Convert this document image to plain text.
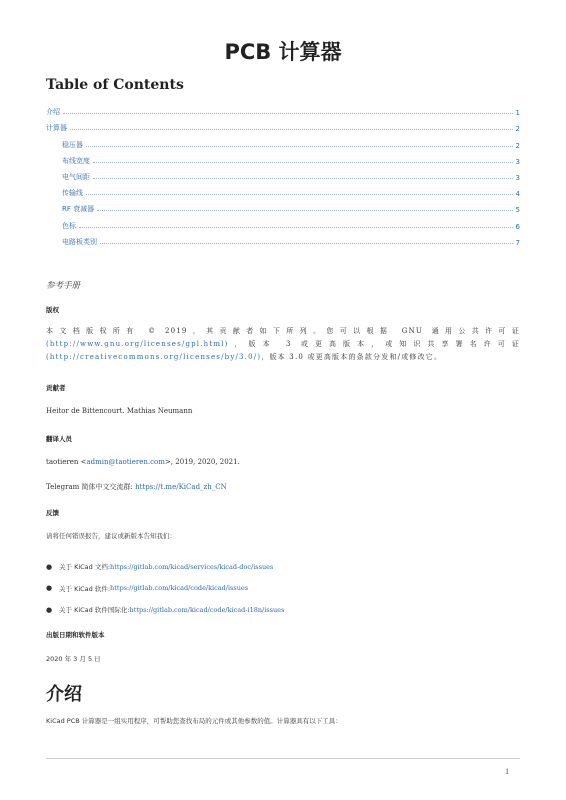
PCB 计算器
Table of Contents
介绍	1
计算器	2
稳压器	2
布线宽度	3
电气间距	3
传输线	4
RF 衰减器	5
色标	6
电路板类别	7
参考手册
版权
本文档版权所有 © 2019，其贡献者如下所列。您可以根据 GNU 通用公共许可证 (http://www.gnu.org/licenses/gpl.html)，版本 3 或更高版本，或知识共享署名许可证 (http://creativecommons.org/licenses/by/3.0/)，版本 3.0 或更高版本的条款分发和/或修改它。
贡献者
Heitor de Bittencourt. Mathias Neumann
翻译人员
taotieren <admin@taotieren.com>, 2019, 2020, 2021.
Telegram 简体中文交流群: https://t.me/KiCad_zh_CN
反馈
请将任何错误报告，建议或新版本告知我们：
●	关于 KiCad 文档: https://gitlab.com/kicad/services/kicad-doc/issues
●	关于 KiCad 软件: https://gitlab.com/kicad/code/kicad/issues
●	关于 KiCad 软件国际化: https://gitlab.com/kicad/code/kicad-i18n/issues
出版日期和软件版本
2020 年 3 月 5 日
介绍
KiCad PCB 计算器是一组实用程序，可帮助您查找布局的元件或其他参数的值。计算器具有以下工具：
1
